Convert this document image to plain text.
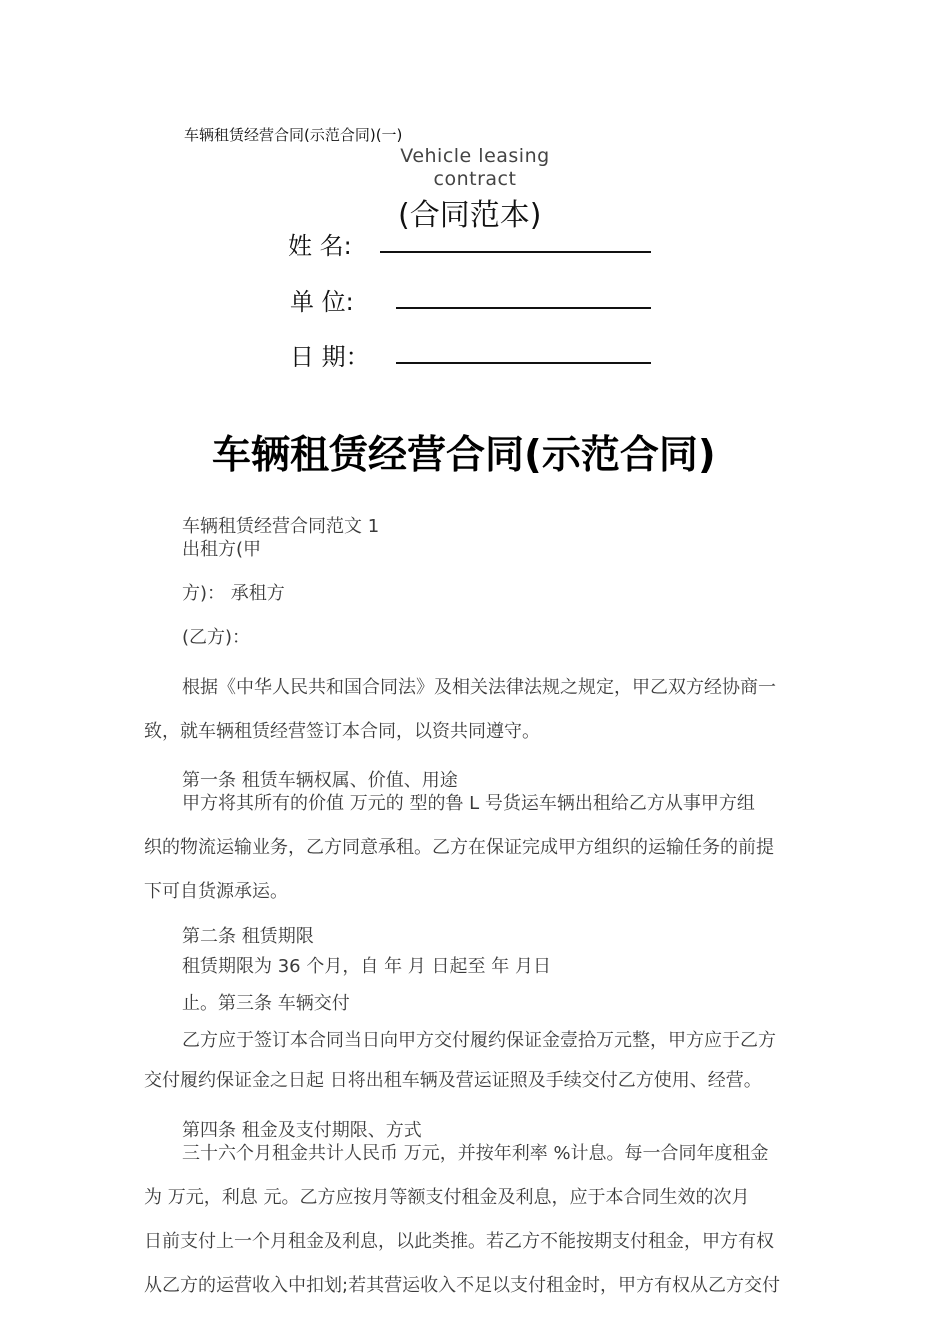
车辆租赁经营合同(示范合同)(一)
Vehicle leasing contract
(合同范本)
姓 名:
单 位:
日 期：
车辆租赁经营合同(示范合同)
车辆租赁经营合同范文 1
出租方(甲
方)： 承租方
(乙方)：
根据《中华人民共和国合同法》及相关法律法规之规定，甲乙双方经协商一
致，就车辆租赁经营签订本合同，以资共同遵守。
第一条 租赁车辆权属、价值、用途
甲方将其所有的价值 万元的 型的鲁 L 号货运车辆出租给乙方从事甲方组
织的物流运输业务，乙方同意承租。乙方在保证完成甲方组织的运输任务的前提
下可自货源承运。
第二条 租赁期限
租赁期限为 36 个月，自 年 月 日起至 年 月日
止。第三条 车辆交付
乙方应于签订本合同当日向甲方交付履约保证金壹拾万元整，甲方应于乙方
交付履约保证金之日起 日将出租车辆及营运证照及手续交付乙方使用、经营。
第四条 租金及支付期限、方式
三十六个月租金共计人民币 万元，并按年利率 %计息。每一合同年度租金
为 万元，利息 元。乙方应按月等额支付租金及利息，应于本合同生效的次月
日前支付上一个月租金及利息，以此类推。若乙方不能按期支付租金，甲方有权
从乙方的运营收入中扣划;若其营运收入不足以支付租金时，甲方有权从乙方交付
